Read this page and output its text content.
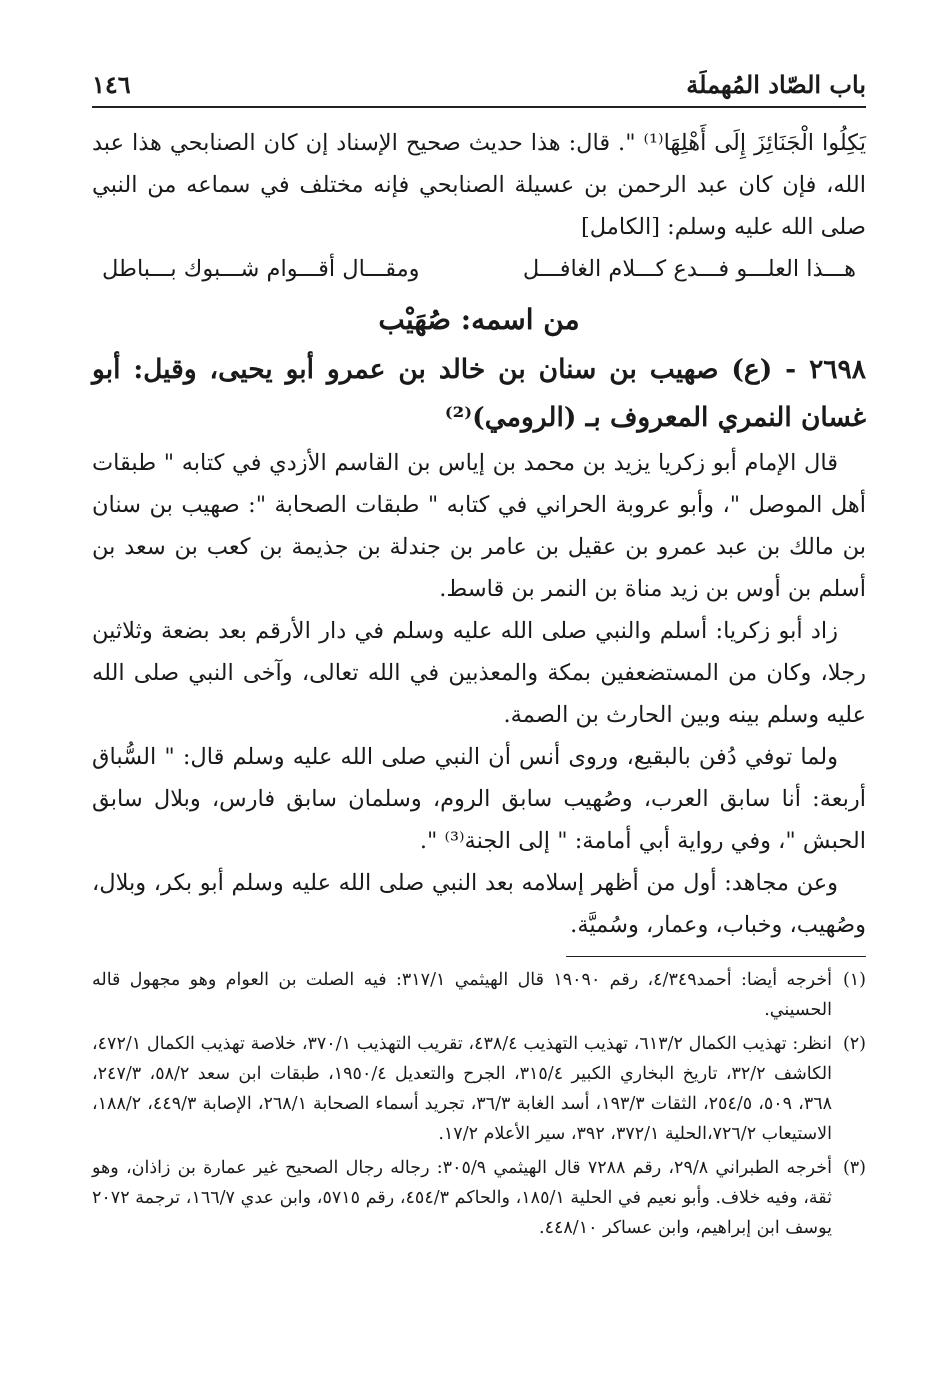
باب الصّاد المُهملَة
١٤٦

يَكِلُوا الْجَنَائِزَ إِلَى أَهْلِهَا⁽¹⁾ ". قال: هذا حديث صحيح الإسناد إن كان الصنابحي هذا عبد الله، فإن كان عبد الرحمن بن عسيلة الصنابحي فإنه مختلف في سماعه من النبي صلى الله عليه وسلم: [الكامل]

هـــذا العلـــو فـــدع كـــلام الغافـــل
ومقـــال أقـــوام شـــبوك بـــباطل
من اسمه: صُهَيْب

٢٦٩٨ - (ع) صهيب بن سنان بن خالد بن عمرو أبو يحيى، وقيل: أبو غسان النمري المعروف بـ (الرومي)⁽²⁾

قال الإمام أبو زكريا يزيد بن محمد بن إياس بن القاسم الأزدي في كتابه " طبقات أهل الموصل "، وأبو عروبة الحراني في كتابه " طبقات الصحابة ": صهيب بن سنان بن مالك بن عبد عمرو بن عقيل بن عامر بن جندلة بن جذيمة بن كعب بن سعد بن أسلم بن أوس بن زيد مناة بن النمر بن قاسط.

زاد أبو زكريا: أسلم والنبي صلى الله عليه وسلم في دار الأرقم بعد بضعة وثلاثين رجلا، وكان من المستضعفين بمكة والمعذبين في الله تعالى، وآخى النبي صلى الله عليه وسلم بينه وبين الحارث بن الصمة.

ولما توفي دُفن بالبقيع، وروى أنس أن النبي صلى الله عليه وسلم قال: " السُّباق أربعة: أنا سابق العرب، وصُهيب سابق الروم، وسلمان سابق فارس، وبلال سابق الحبش "، وفي رواية أبي أمامة: " إلى الجنة⁽³⁾ ".

وعن مجاهد: أول من أظهر إسلامه بعد النبي صلى الله عليه وسلم أبو بكر، وبلال، وصُهيب، وخباب، وعمار، وسُميَّة.

(١)
أخرجه أيضا: أحمد٤/٣٤٩، رقم ١٩٠٩٠ قال الهيثمي ٣١٧/١: فيه الصلت بن العوام وهو مجهول قاله الحسيني.
(٢)
انظر: تهذيب الكمال ٦١٣/٢، تهذيب التهذيب ٤٣٨/٤، تقريب التهذيب ٣٧٠/١، خلاصة تهذيب الكمال ٤٧٢/١، الكاشف ٣٢/٢، تاريخ البخاري الكبير ٣١٥/٤، الجرح والتعديل ١٩٥٠/٤، طبقات ابن سعد ٥٨/٢، ٢٤٧/٣، ٣٦٨، ٥٠٩، ٢٥٤/٥، الثقات ١٩٣/٣، أسد الغابة ٣٦/٣، تجريد أسماء الصحابة ٢٦٨/١، الإصابة ٤٤٩/٣، ١٨٨/٢، الاستيعاب ٧٢٦/٢،الحلية ٣٧٢/١، ٣٩٢، سير الأعلام ١٧/٢.
(٣)
أخرجه الطبراني ٢٩/٨، رقم ٧٢٨٨ قال الهيثمي ٣٠٥/٩: رجاله رجال الصحيح غير عمارة بن زاذان، وهو ثقة، وفيه خلاف. وأبو نعيم في الحلية ١٨٥/١، والحاكم ٤٥٤/٣، رقم ٥٧١٥، وابن عدي ١٦٦/٧، ترجمة ٢٠٧٢ يوسف ابن إبراهيم، وابن عساكر ٤٤٨/١٠.
